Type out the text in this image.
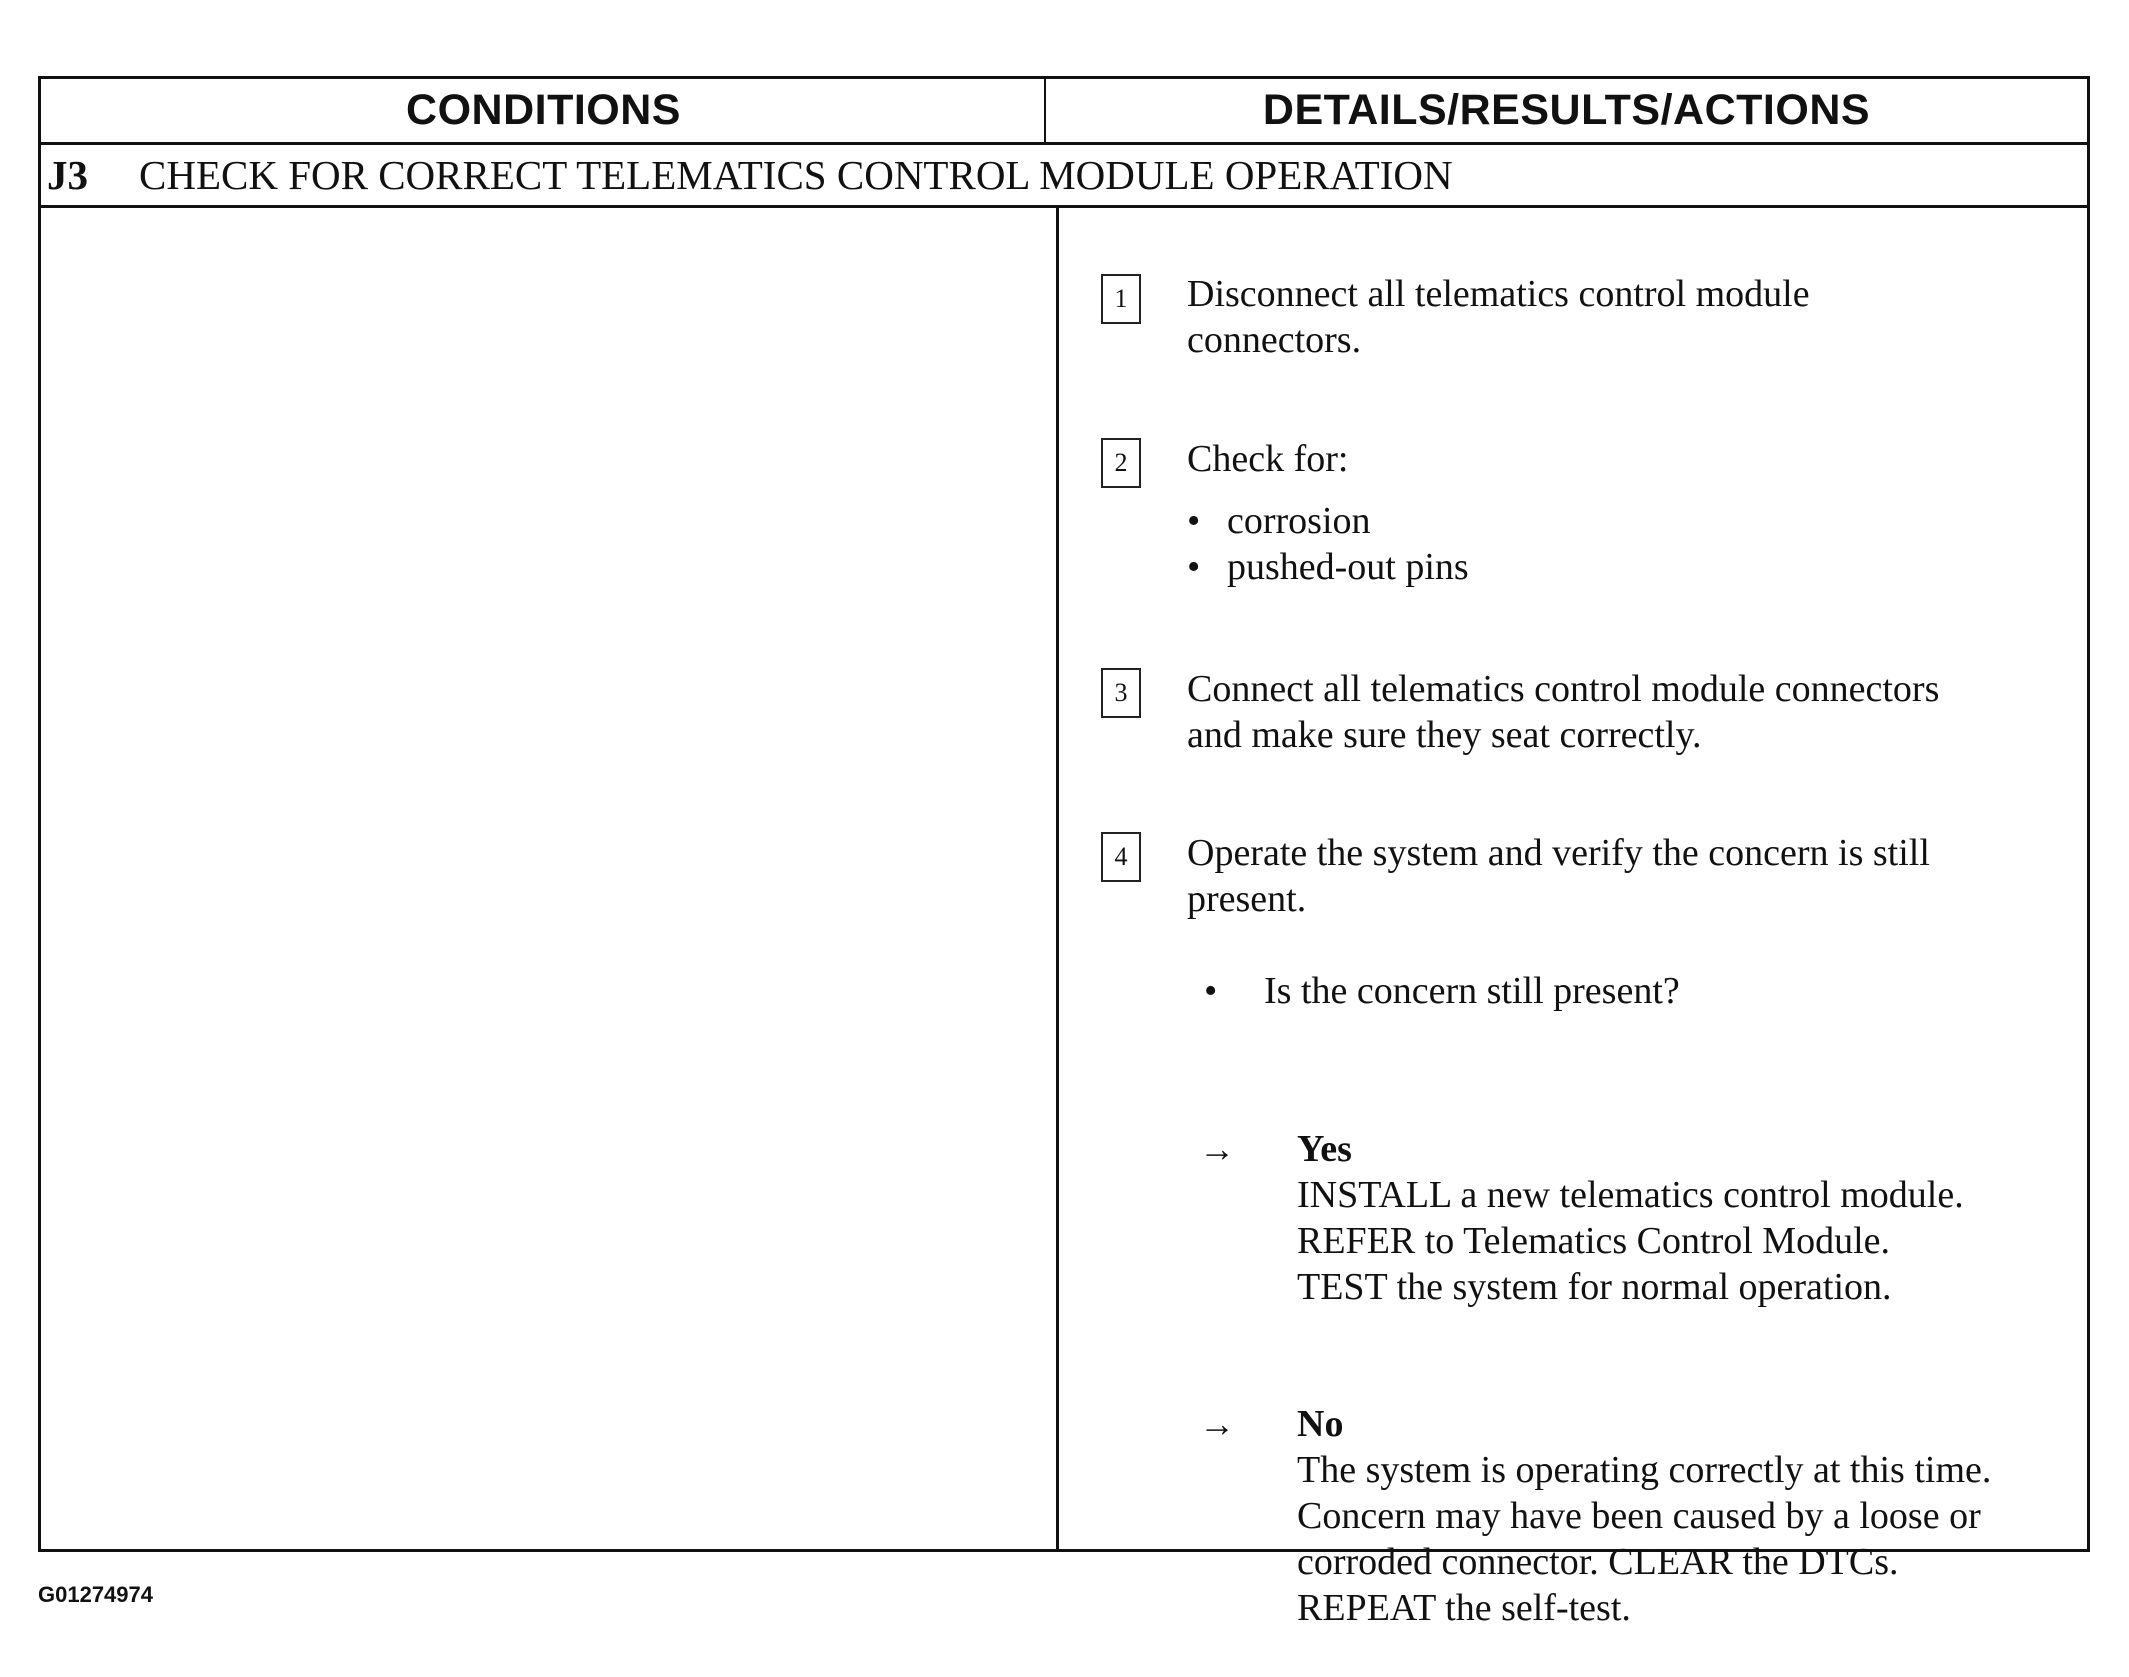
CONDITIONS	DETAILS/RESULTS/ACTIONS
J3	CHECK FOR CORRECT TELEMATICS CONTROL MODULE OPERATION
1	Disconnect all telematics control module
connectors.
2	Check for:
• corrosion
• pushed-out pins
3	Connect all telematics control module connectors
and make sure they seat correctly.
4	Operate the system and verify the concern is still
present.
• Is the concern still present?
→ Yes
INSTALL a new telematics control module.
REFER to Telematics Control Module.
TEST the system for normal operation.
→ No
The system is operating correctly at this time.
Concern may have been caused by a loose or
corroded connector. CLEAR the DTCs.
REPEAT the self-test.
G01274974
